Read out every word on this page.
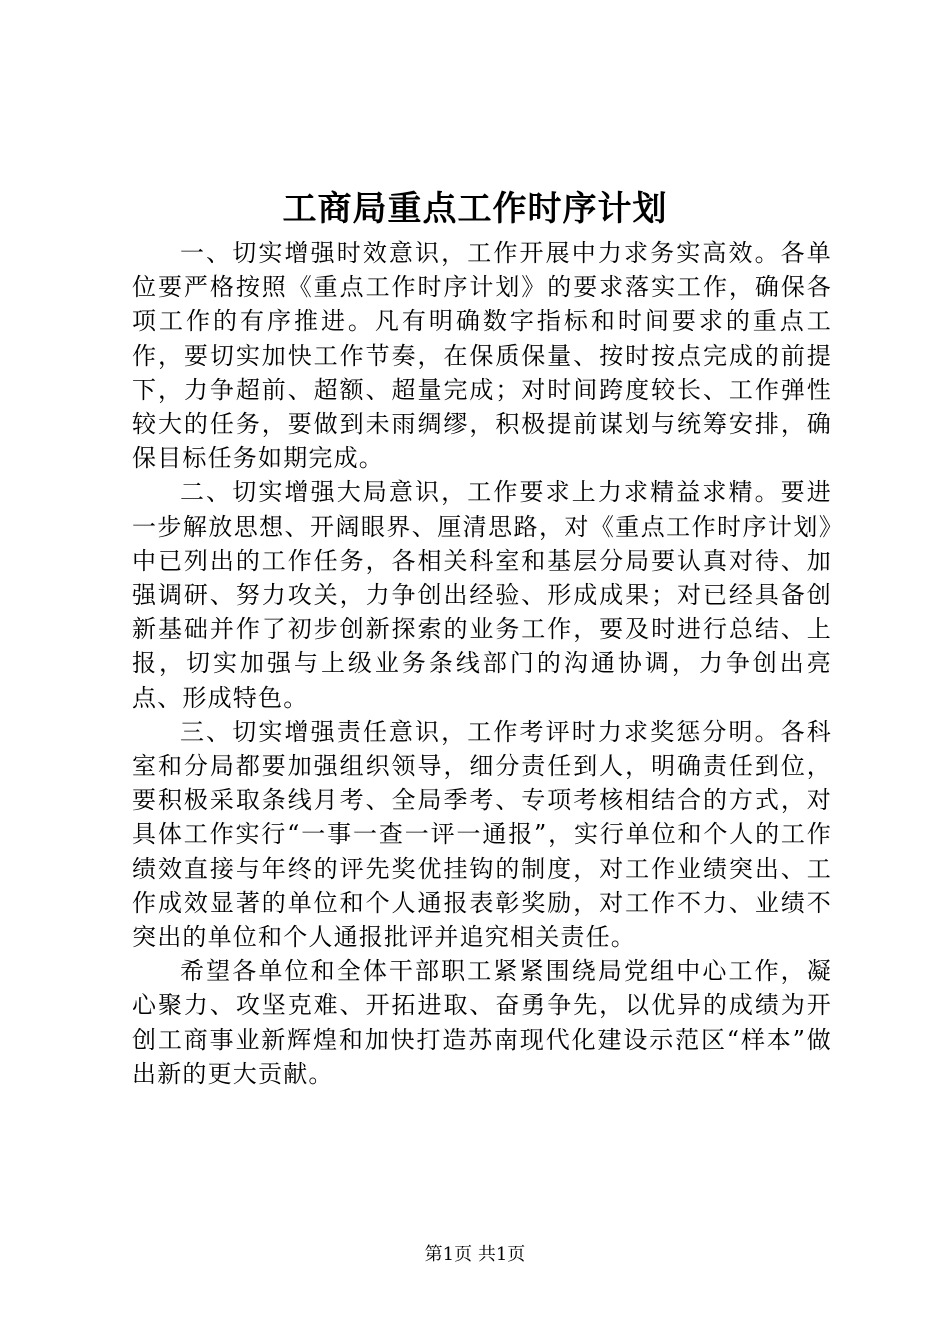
工商局重点工作时序计划

一、切实增强时效意识，工作开展中力求务实高效。各单位要严格按照《重点工作时序计划》的要求落实工作，确保各项工作的有序推进。凡有明确数字指标和时间要求的重点工作，要切实加快工作节奏，在保质保量、按时按点完成的前提下，力争超前、超额、超量完成；对时间跨度较长、工作弹性较大的任务，要做到未雨绸缪，积极提前谋划与统筹安排，确保目标任务如期完成。

二、切实增强大局意识，工作要求上力求精益求精。要进一步解放思想、开阔眼界、厘清思路，对《重点工作时序计划》中已列出的工作任务，各相关科室和基层分局要认真对待、加强调研、努力攻关，力争创出经验、形成成果；对已经具备创新基础并作了初步创新探索的业务工作，要及时进行总结、上报，切实加强与上级业务条线部门的沟通协调，力争创出亮点、形成特色。

三、切实增强责任意识，工作考评时力求奖惩分明。各科室和分局都要加强组织领导，细分责任到人，明确责任到位，要积极采取条线月考、全局季考、专项考核相结合的方式，对具体工作实行“一事一查一评一通报”，实行单位和个人的工作绩效直接与年终的评先奖优挂钩的制度，对工作业绩突出、工作成效显著的单位和个人通报表彰奖励，对工作不力、业绩不突出的单位和个人通报批评并追究相关责任。

希望各单位和全体干部职工紧紧围绕局党组中心工作，凝心聚力、攻坚克难、开拓进取、奋勇争先，以优异的成绩为开创工商事业新辉煌和加快打造苏南现代化建设示范区“样本”做出新的更大贡献。

第1页 共1页
